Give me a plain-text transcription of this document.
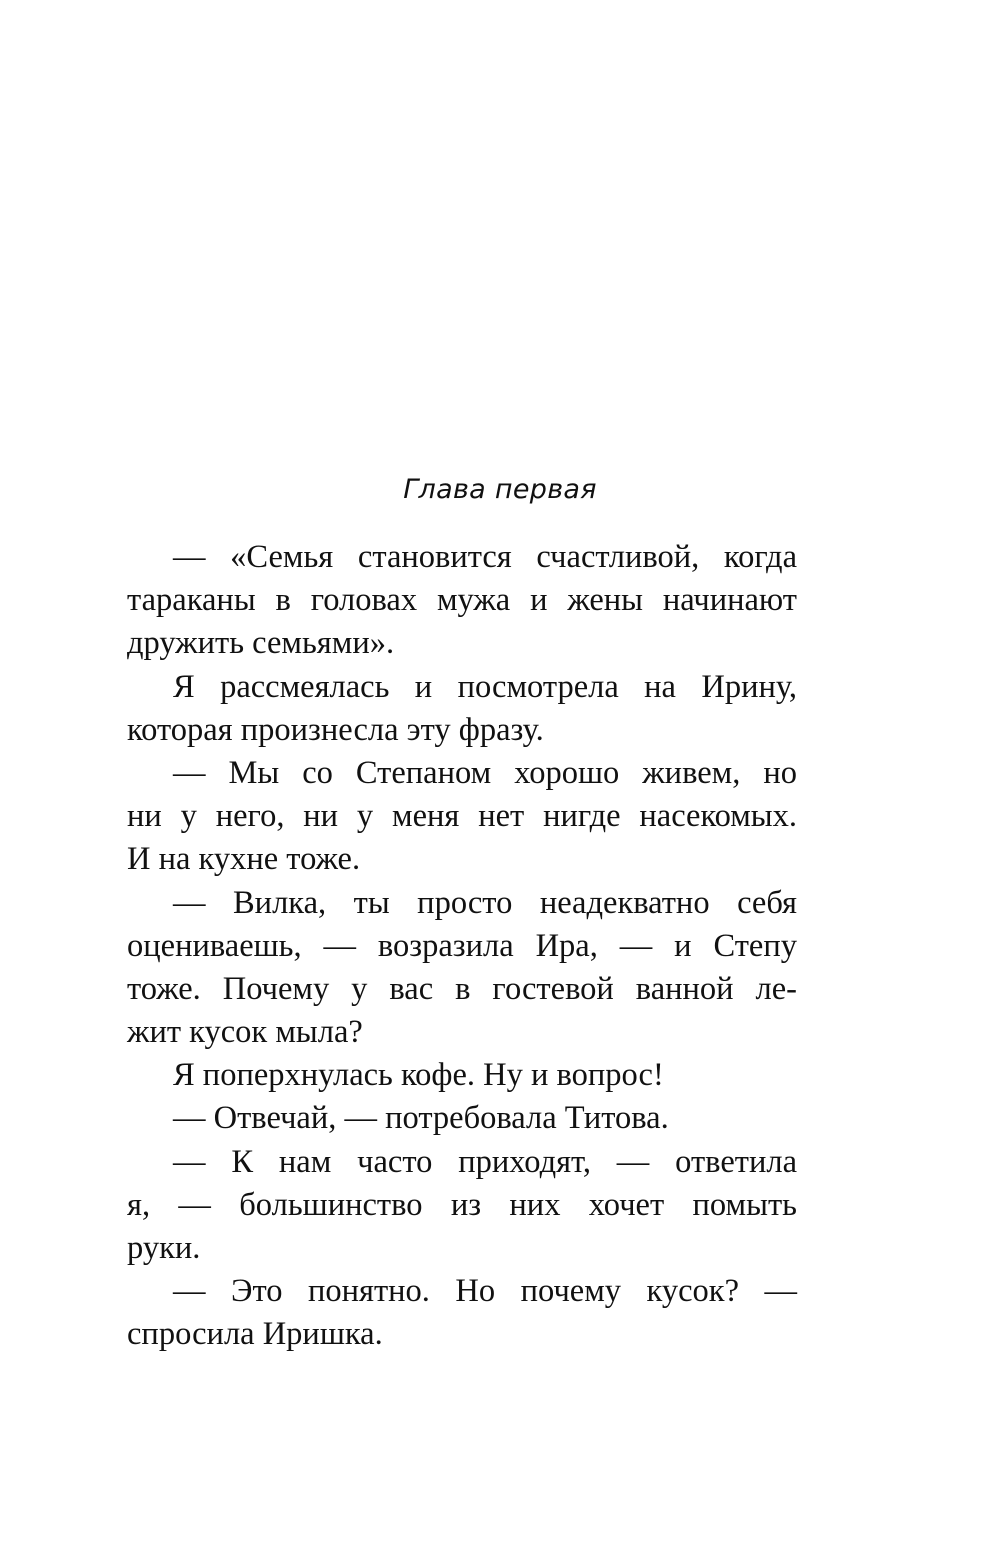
Глава первая
— «Семья становится счастливой, когда
тараканы в головах мужа и жены начинают
дружить семьями».
Я рассмеялась и посмотрела на Ирину,
которая произнесла эту фразу.
— Мы со Степаном хорошо живем, но
ни у него, ни у меня нет нигде насекомых.
И на кухне тоже.
— Вилка, ты просто неадекватно себя
оцениваешь, — возразила Ира, — и Степу
тоже. Почему у вас в гостевой ванной ле-
жит кусок мыла?
Я поперхнулась кофе. Ну и вопрос!
— Отвечай, — потребовала Титова.
— К нам часто приходят, — ответила
я, — большинство из них хочет помыть
руки.
— Это понятно. Но почему кусок? —
спросила Иришка.
